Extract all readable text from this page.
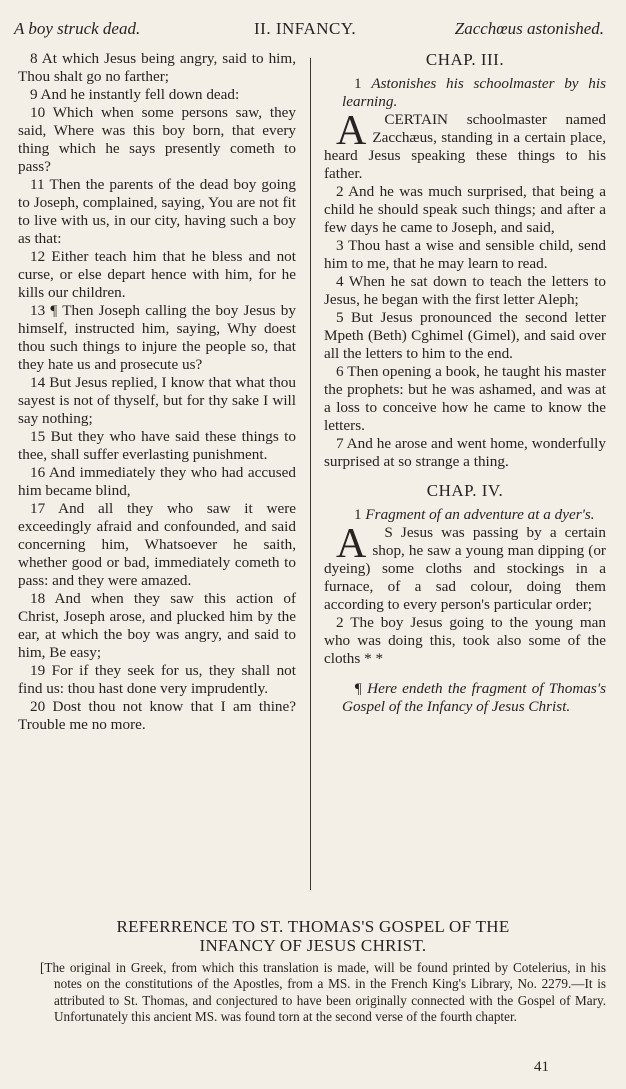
A boy struck dead.	II. INFANCY.	Zacchœus astonished.

8 At which Jesus being angry, said to him, Thou shalt go no farther;

9 And he instantly fell down dead:

10 Which when some persons saw, they said, Where was this boy born, that every thing which he says presently cometh to pass?

11 Then the parents of the dead boy going to Joseph, complained, saying, You are not fit to live with us, in our city, having such a boy as that:

12 Either teach him that he bless and not curse, or else depart hence with him, for he kills our children.

13 ¶ Then Joseph calling the boy Jesus by himself, instructed him, saying, Why doest thou such things to injure the people so, that they hate us and prosecute us?

14 But Jesus replied, I know that what thou sayest is not of thyself, but for thy sake I will say nothing;

15 But they who have said these things to thee, shall suffer everlasting punishment.

16 And immediately they who had accused him became blind,

17 And all they who saw it were exceedingly afraid and confounded, and said concerning him, Whatsoever he saith, whether good or bad, immediately cometh to pass: and they were amazed.

18 And when they saw this action of Christ, Joseph arose, and plucked him by the ear, at which the boy was angry, and said to him, Be easy;

19 For if they seek for us, they shall not find us: thou hast done very imprudently.

20 Dost thou not know that I am thine? Trouble me no more.

CHAP. III.

1 Astonishes his schoolmaster by his learning.

A CERTAIN schoolmaster named Zacchæus, standing in a certain place, heard Jesus speaking these things to his father.

2 And he was much surprised, that being a child he should speak such things; and after a few days he came to Joseph, and said,

3 Thou hast a wise and sensible child, send him to me, that he may learn to read.

4 When he sat down to teach the letters to Jesus, he began with the first letter Aleph;

5 But Jesus pronounced the second letter Mpeth (Beth) Cghimel (Gimel), and said over all the letters to him to the end.

6 Then opening a book, he taught his master the prophets: but he was ashamed, and was at a loss to conceive how he came to know the letters.

7 And he arose and went home, wonderfully surprised at so strange a thing.

CHAP. IV.

1 Fragment of an adventure at a dyer's.

A S Jesus was passing by a certain shop, he saw a young man dipping (or dyeing) some cloths and stockings in a furnace, of a sad colour, doing them according to every person's particular order;

2 The boy Jesus going to the young man who was doing this, took also some of the cloths * *

¶ Here endeth the fragment of Thomas's Gospel of the Infancy of Jesus Christ.

REFERRENCE TO ST. THOMAS'S GOSPEL OF THE
INFANCY OF JESUS CHRIST.
[The original in Greek, from which this translation is made, will be found printed by Cotelerius, in his notes on the constitutions of the Apostles, from a MS. in the French King's Library, No. 2279.—It is attributed to St. Thomas, and conjectured to have been originally connected with the Gospel of Mary. Unfortunately this ancient MS. was found torn at the second verse of the fourth chapter.
41
